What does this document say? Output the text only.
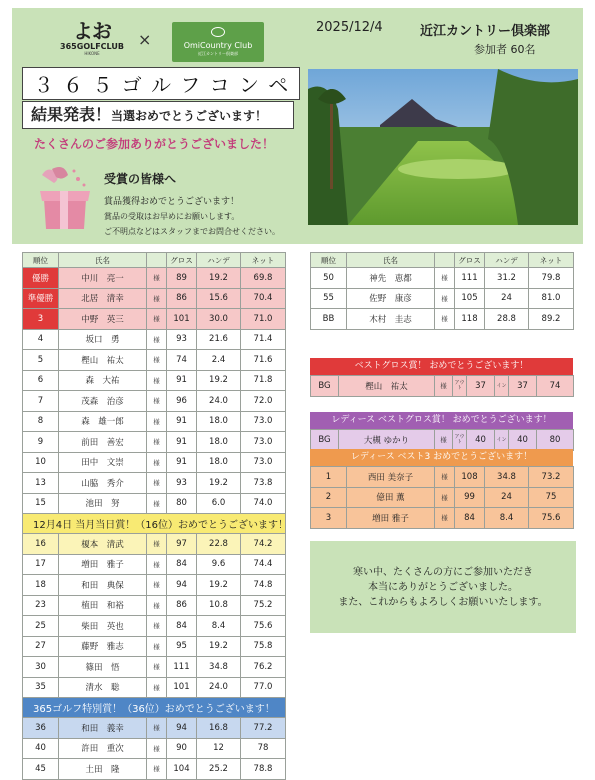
よお
365GOLFCLUB
HIKONE
×	OmiCountry Club
近江カントリー倶楽部
2025/12/4	近江カントリー倶楽部
参加者 60名
３ ６ ５ ゴ ル フ コ ン ペ
結果発表！当選おめでとうございます！
たくさんのご参加ありがとうございました！
受賞の皆様へ
賞品獲得おめでとうございます！
賞品の受取はお早めにお願いします。
ご不明点などはスタッフまでお問合せください。
順位	氏名		グロス	ハンデ	ネット
優勝	中川　亮一	様	89	19.2	69.8
準優勝	北居　清幸	様	86	15.6	70.4
3	中野　英三	様	101	30.0	71.0
4	坂口　勇	様	93	21.6	71.4
5	樫山　祐太	様	74	2.4	71.6
6	森　大祐	様	91	19.2	71.8
7	茂森　治彦	様	96	24.0	72.0
8	森　雄一郎	様	91	18.0	73.0
9	前田　善宏	様	91	18.0	73.0
10	田中　文崇	様	91	18.0	73.0
13	山脇　秀介	様	93	19.2	73.8
15	池田　努	様	80	6.0	74.0
12月4日 当月当日賞！（16位）おめでとうございます！					
16	榎本　清武	様	97	22.8	74.2
17	増田　雅子	様	84	9.6	74.4
18	和田　典保	様	94	19.2	74.8
23	植田　和裕	様	86	10.8	75.2
25	柴田　英也	様	84	8.4	75.6
27	藤野　雅志	様	95	19.2	75.8
30	篠田　悟	様	111	34.8	76.2
35	清水　聡	様	101	24.0	77.0
365ゴルフ特別賞！（36位）おめでとうございます！					
36	和田　義幸	様	94	16.8	77.2
40	許田　重次	様	90	12	78
45	土田　隆	様	104	25.2	78.8
順位	氏名		グロス	ハンデ	ネット
50	神先　恵都	様	111	31.2	79.8
55	佐野　康彦	様	105	24	81.0
BB	木村　圭志	様	118	28.8	89.2
ベストグロス賞！ おめでとうございます！
BG	樫山　祐太	様	アウト	37	イン	37	74
レディース ベストグロス賞！ おめでとうございます！
BG	大槻 ゆかり	様	アウト	40	イン	40	80
レディース ベスト3 おめでとうございます！
1	西田 美奈子	様	108	34.8	73.2
2	億田 薫	様	99	24	75
3	増田 雅子	様	84	8.4	75.6
寒い中、たくさんの方にご参加いただき
本当にありがとうございました。
また、これからもよろしくお願いいたします。
